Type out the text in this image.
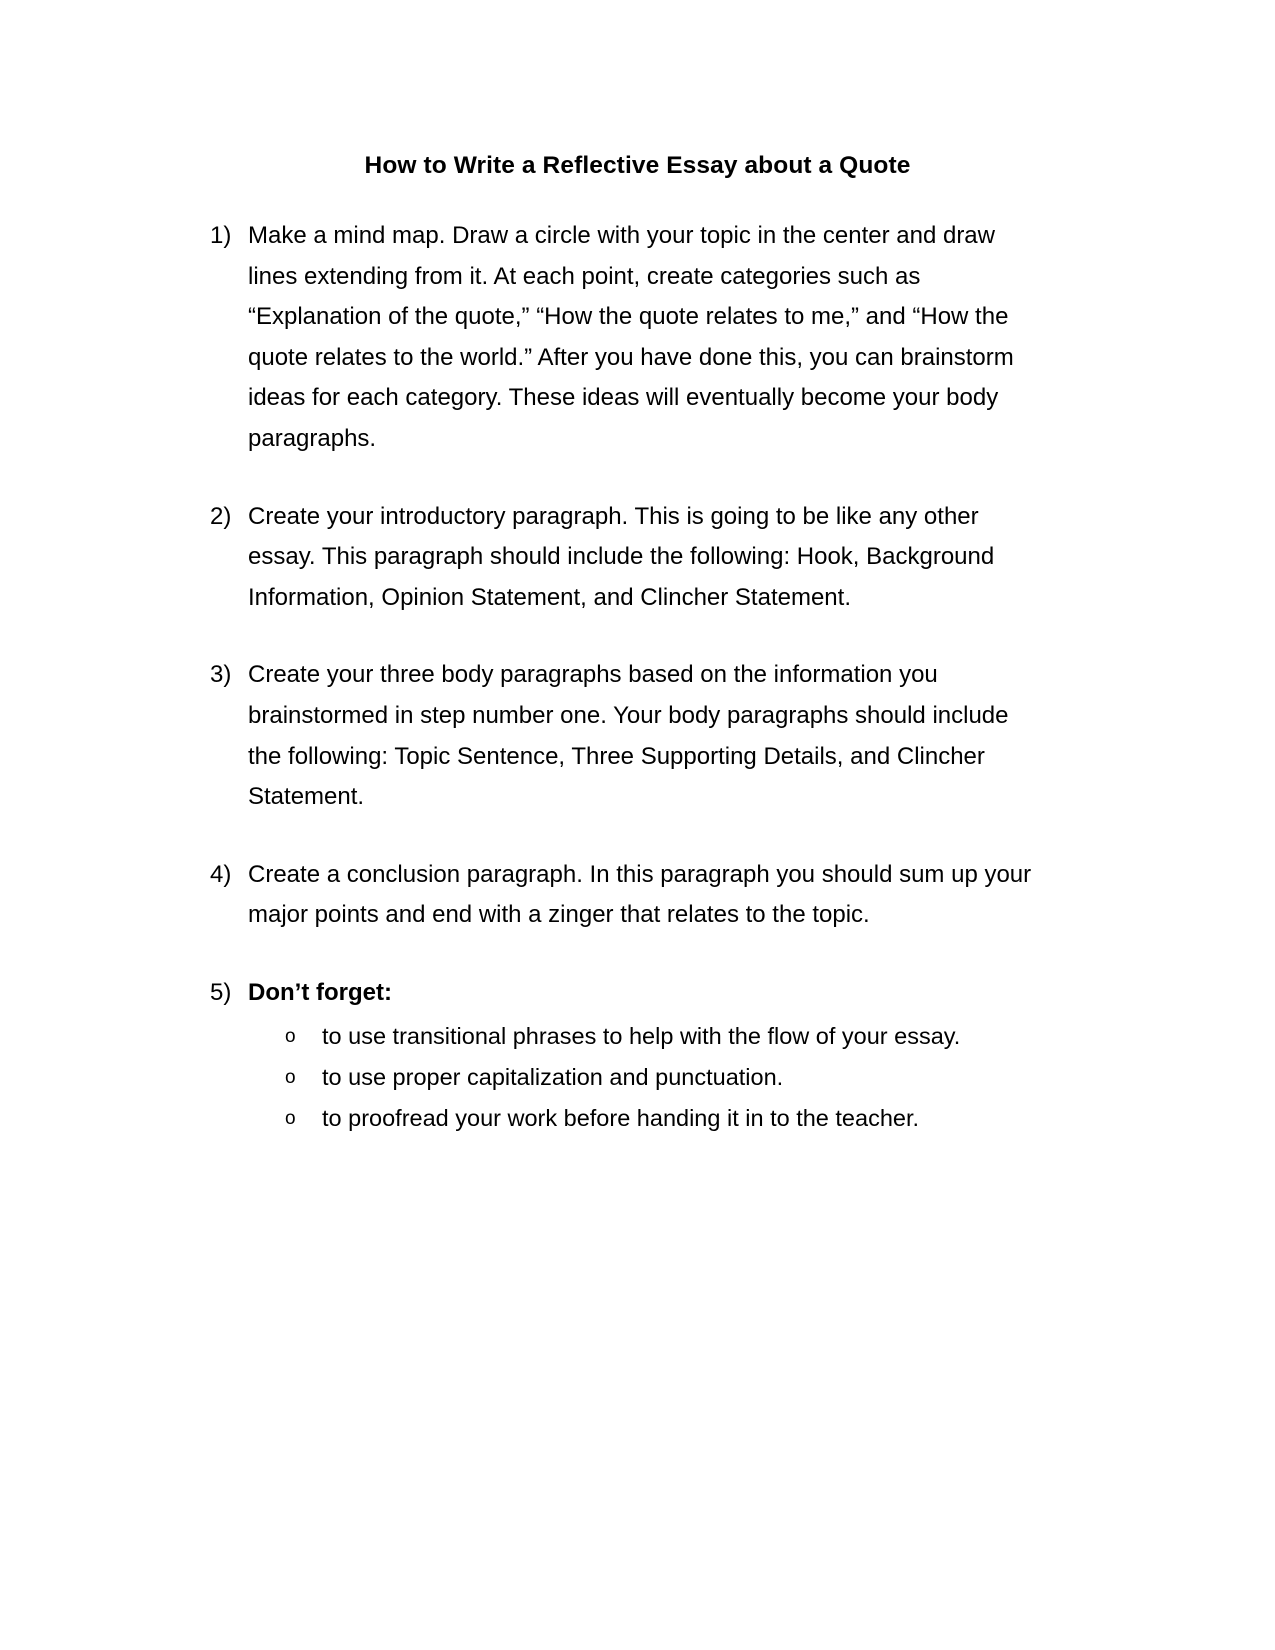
How to Write a Reflective Essay about a Quote
1) Make a mind map. Draw a circle with your topic in the center and draw lines extending from it. At each point, create categories such as “Explanation of the quote,” “How the quote relates to me,” and “How the quote relates to the world.” After you have done this, you can brainstorm ideas for each category. These ideas will eventually become your body paragraphs.
2) Create your introductory paragraph. This is going to be like any other essay. This paragraph should include the following: Hook, Background Information, Opinion Statement, and Clincher Statement.
3) Create your three body paragraphs based on the information you brainstormed in step number one. Your body paragraphs should include the following: Topic Sentence, Three Supporting Details, and Clincher Statement.
4) Create a conclusion paragraph. In this paragraph you should sum up your major points and end with a zinger that relates to the topic.
5) Don’t forget:
o to use transitional phrases to help with the flow of your essay.
o to use proper capitalization and punctuation.
o to proofread your work before handing it in to the teacher.
